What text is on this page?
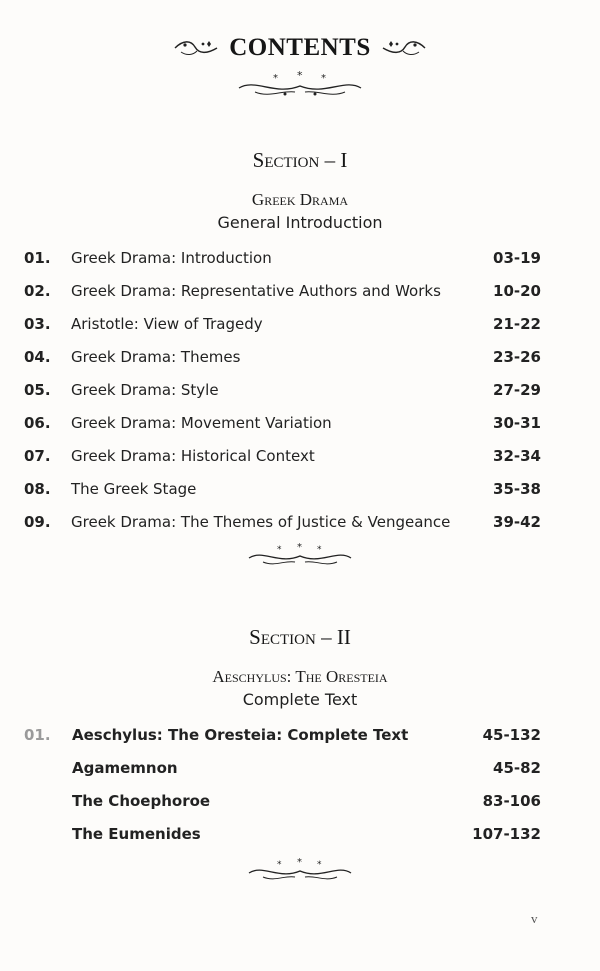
CONTENTS
* * *
Section – I
Greek Drama
General Introduction
01. Greek Drama: Introduction	03-19
02. Greek Drama: Representative Authors and Works	10-20
03. Aristotle: View of Tragedy	21-22
04. Greek Drama: Themes	23-26
05. Greek Drama: Style	27-29
06. Greek Drama: Movement Variation	30-31
07. Greek Drama: Historical Context	32-34
08. The Greek Stage	35-38
09. Greek Drama: The Themes of Justice & Vengeance	39-42
* * *
Section – II
Aeschylus: The Oresteia
Complete Text
01. Aeschylus: The Oresteia: Complete Text	45-132
Agamemnon	45-82
The Choephoroe	83-106
The Eumenides	107-132
* * *
v
